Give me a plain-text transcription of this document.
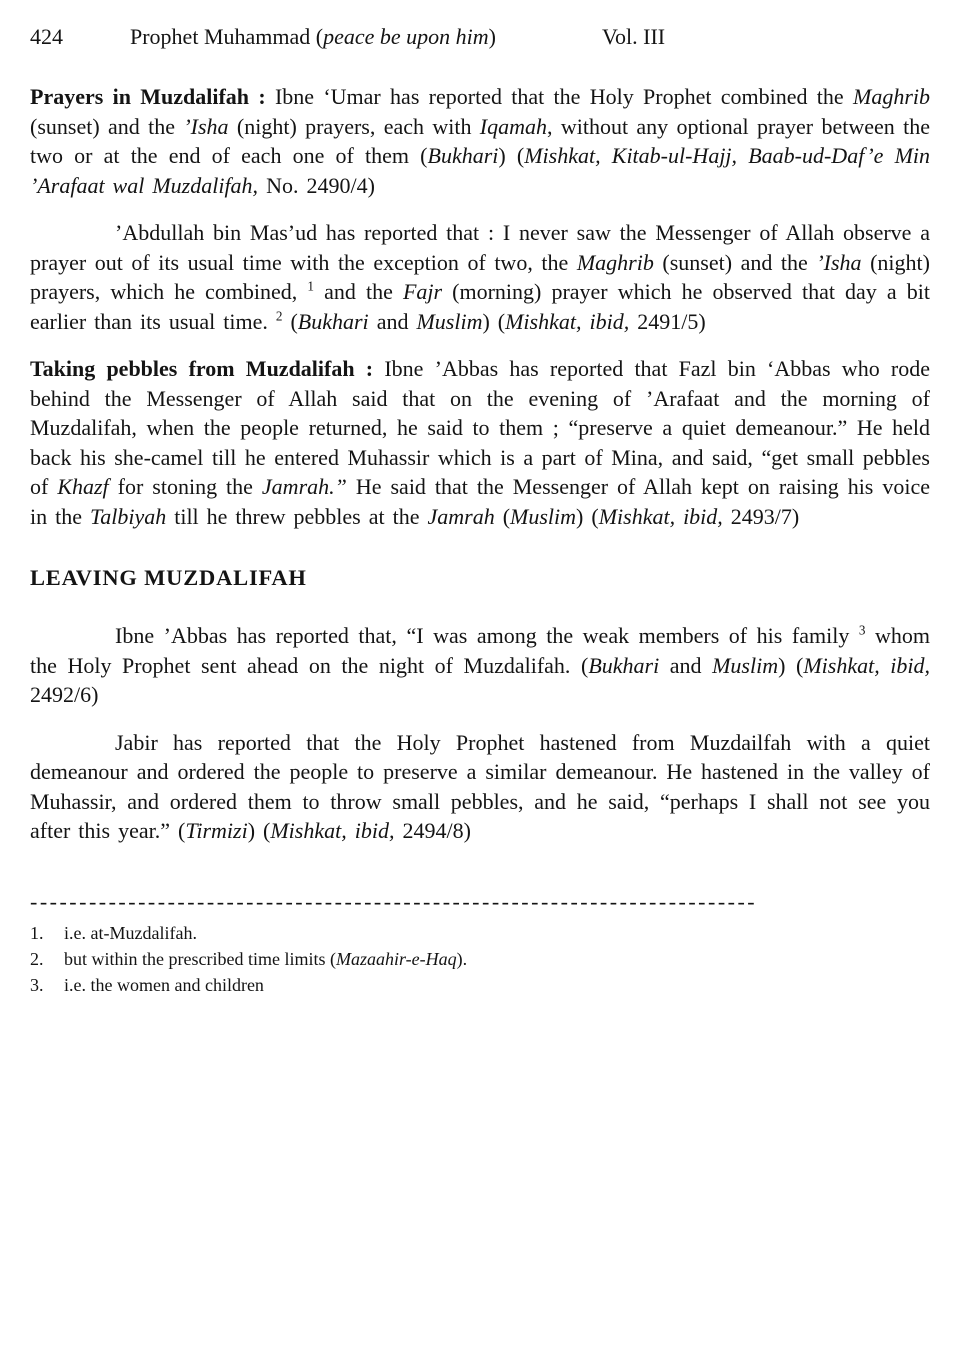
424	Prophet Muhammad (peace be upon him)	Vol. III

Prayers in Muzdalifah : Ibne ‘Umar has reported that the Holy Prophet combined the Maghrib (sunset) and the ’Isha (night) prayers, each with Iqamah, without any optional prayer between the two or at the end of each one of them (Bukhari) (Mishkat, Kitab-ul-Hajj, Baab-ud-Daf’e Min ’Arafaat wal Muzdalifah, No. 2490/4)

’Abdullah bin Mas’ud has reported that : I never saw the Messenger of Allah observe a prayer out of its usual time with the exception of two, the Maghrib (sunset) and the ’Isha (night) prayers, which he combined, $^1$ and the Fajr (morning) prayer which he observed that day a bit earlier than its usual time. $^2$ (Bukhari and Muslim) (Mishkat, ibid, 2491/5)

Taking pebbles from Muzdalifah : Ibne ’Abbas has reported that Fazl bin ‘Abbas who rode behind the Messenger of Allah said that on the evening of ’Arafaat and the morning of Muzdalifah, when the people returned, he said to them ; “preserve a quiet demeanour.” He held back his she-camel till he entered Muhassir which is a part of Mina, and said, “get small pebbles of Khazf for stoning the Jamrah.” He said that the Messenger of Allah kept on raising his voice in the Talbiyah till he threw pebbles at the Jamrah (Muslim) (Mishkat, ibid, 2493/7)

LEAVING MUZDALIFAH

Ibne ’Abbas has reported that, “I was among the weak members of his family $^3$ whom the Holy Prophet sent ahead on the night of Muzdalifah. (Bukhari and Muslim) (Mishkat, ibid, 2492/6)

Jabir has reported that the Holy Prophet hastened from Muzdailfah with a quiet demeanour and ordered the people to preserve a similar demeanour. He hastened in the valley of Muhassir, and ordered them to throw small pebbles, and he said, “perhaps I shall not see you after this year.” (Tirmizi) (Mishkat, ibid, 2494/8)

--------------------------------------------------------------------------
1.	i.e. at-Muzdalifah.
2.	but within the prescribed time limits (Mazaahir-e-Haq).
3.	i.e. the women and children
